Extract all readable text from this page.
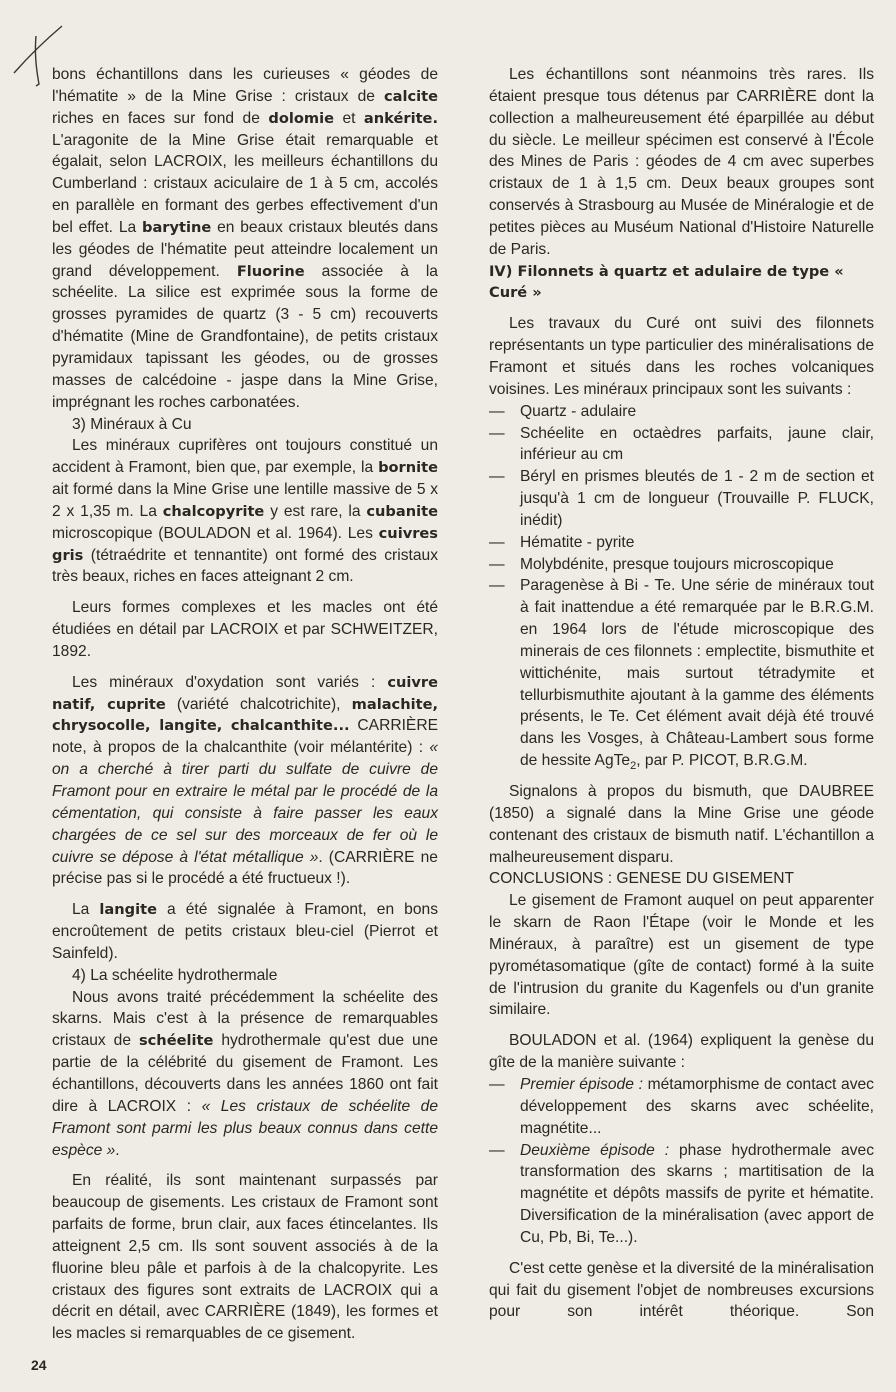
bons échantillons dans les curieuses « géodes de l'hématite » de la Mine Grise : cristaux de calcite riches en faces sur fond de dolomie et ankérite. L'aragonite de la Mine Grise était remarquable et égalait, selon LACROIX, les meilleurs échantillons du Cumberland : cristaux aciculaire de 1 à 5 cm, accolés en parallèle en formant des gerbes effectivement d'un bel effet. La barytine en beaux cristaux bleutés dans les géodes de l'hématite peut atteindre localement un grand développement. Fluorine associée à la schéelite. La silice est exprimée sous la forme de grosses pyramides de quartz (3 - 5 cm) recouverts d'hématite (Mine de Grandfontaine), de petits cristaux pyramidaux tapissant les géodes, ou de grosses masses de calcédoine - jaspe dans la Mine Grise, imprégnant les roches carbonatées.
3) Minéraux à Cu
Les minéraux cuprifères ont toujours constitué un accident à Framont, bien que, par exemple, la bornite ait formé dans la Mine Grise une lentille massive de 5 x 2 x 1,35 m. La chalcopyrite y est rare, la cubanite microscopique (BOULADON et al. 1964). Les cuivres gris (tétraédrite et tennantite) ont formé des cristaux très beaux, riches en faces atteignant 2 cm.
Leurs formes complexes et les macles ont été étudiées en détail par LACROIX et par SCHWEITZER, 1892.
Les minéraux d'oxydation sont variés : cuivre natif, cuprite (variété chalcotrichite), malachite, chrysocolle, langite, chalcanthite... CARRIÈRE note, à propos de la chalcanthite (voir mélantérite) : « on a cherché à tirer parti du sulfate de cuivre de Framont pour en extraire le métal par le procédé de la cémentation, qui consiste à faire passer les eaux chargées de ce sel sur des morceaux de fer où le cuivre se dépose à l'état métallique ». (CARRIÈRE ne précise pas si le procédé a été fructueux !).
La langite a été signalée à Framont, en bons encroûtement de petits cristaux bleu-ciel (Pierrot et Sainfeld).
4) La schéelite hydrothermale
Nous avons traité précédemment la schéelite des skarns. Mais c'est à la présence de remarquables cristaux de schéelite hydrothermale qu'est due une partie de la célébrité du gisement de Framont. Les échantillons, découverts dans les années 1860 ont fait dire à LACROIX : « Les cristaux de schéelite de Framont sont parmi les plus beaux connus dans cette espèce ».
En réalité, ils sont maintenant surpassés par beaucoup de gisements. Les cristaux de Framont sont parfaits de forme, brun clair, aux faces étincelantes. Ils atteignent 2,5 cm. Ils sont souvent associés à de la fluorine bleu pâle et parfois à de la chalcopyrite. Les cristaux des figures sont extraits de LACROIX qui a décrit en détail, avec CARRIÈRE (1849), les formes et les macles si remarquables de ce gisement.
Les échantillons sont néanmoins très rares. Ils étaient presque tous détenus par CARRIÈRE dont la collection a malheureusement été éparpillée au début du siècle. Le meilleur spécimen est conservé à l'École des Mines de Paris : géodes de 4 cm avec superbes cristaux de 1 à 1,5 cm. Deux beaux groupes sont conservés à Strasbourg au Musée de Minéralogie et de petites pièces au Muséum National d'Histoire Naturelle de Paris.
IV) Filonnets à quartz et adulaire de type « Curé »
Les travaux du Curé ont suivi des filonnets représentants un type particulier des minéralisations de Framont et situés dans les roches volcaniques voisines. Les minéraux principaux sont les suivants :
— Quartz - adulaire
— Schéelite en octaèdres parfaits, jaune clair, inférieur au cm
— Béryl en prismes bleutés de 1 - 2 m de section et jusqu'à 1 cm de longueur (Trouvaille P. FLUCK, inédit)
— Hématite - pyrite
— Molybdénite, presque toujours microscopique
— Paragenèse à Bi - Te. Une série de minéraux tout à fait inattendue a été remarquée par le B.R.G.M. en 1964 lors de l'étude microscopique des minerais de ces filonnets : emplectite, bismuthite et wittichénite, mais surtout tétradymite et tellurbismuthite ajoutant à la gamme des éléments présents, le Te. Cet élément avait déjà été trouvé dans les Vosges, à Château-Lambert sous forme de hessite AgTe$_2$, par P. PICOT, B.R.G.M.
Signalons à propos du bismuth, que DAUBREE (1850) a signalé dans la Mine Grise une géode contenant des cristaux de bismuth natif. L'échantillon a malheureusement disparu.
CONCLUSIONS : GENESE DU GISEMENT
Le gisement de Framont auquel on peut apparenter le skarn de Raon l'Étape (voir le Monde et les Minéraux, à paraître) est un gisement de type pyrométasomatique (gîte de contact) formé à la suite de l'intrusion du granite du Kagenfels ou d'un granite similaire.
BOULADON et al. (1964) expliquent la genèse du gîte de la manière suivante :
— Premier épisode : métamorphisme de contact avec développement des skarns avec schéelite, magnétite...
— Deuxième épisode : phase hydrothermale avec transformation des skarns ; martitisation de la magnétite et dépôts massifs de pyrite et hématite. Diversification de la minéralisation (avec apport de Cu, Pb, Bi, Te...).
C'est cette genèse et la diversité de la minéralisation qui fait du gisement l'objet de nombreuses excursions pour son intérêt théorique. Son
24
